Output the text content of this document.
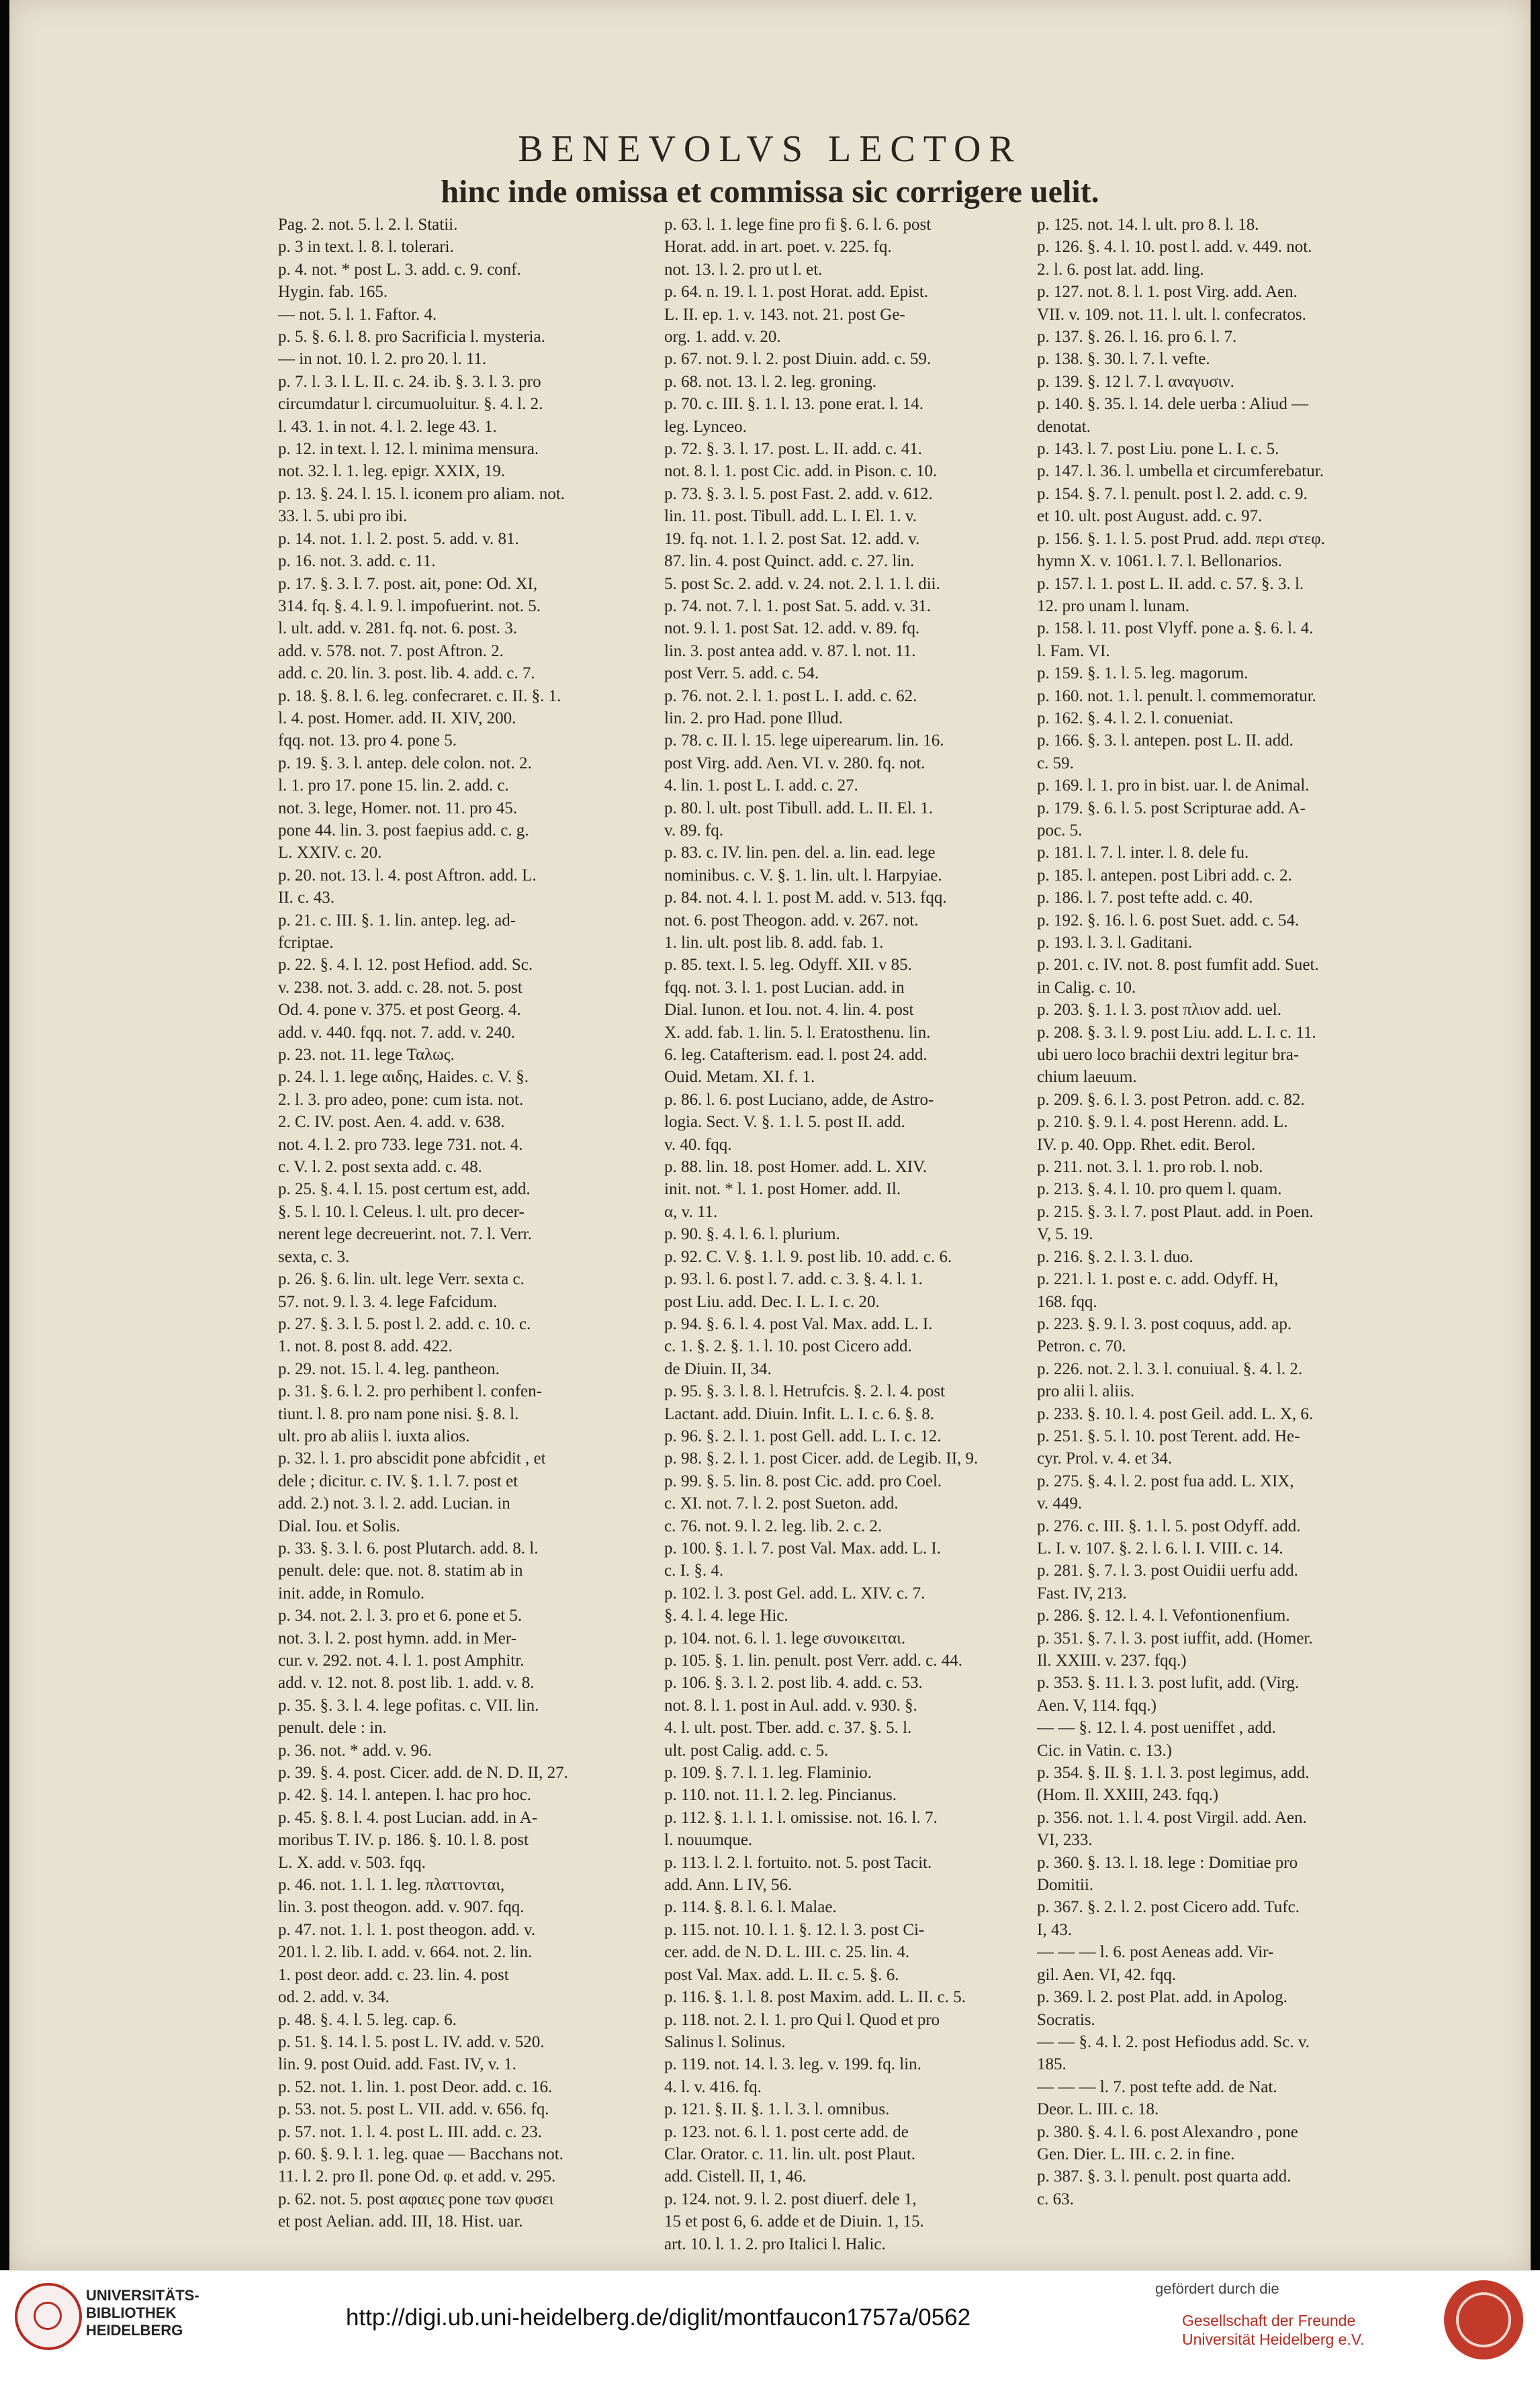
BENEVOLVS LECTOR
hinc inde omissa et commissa sic corrigere uelit.
Pag. 2. not. 5. l. 2. l. Statii.
p. 3 in text. l. 8. l. tolerari.
p. 4. not. * post L. 3. add. c. 9. conf.
Hygin. fab. 165.
— not. 5. l. 1. Faftor. 4.
p. 5. §. 6. l. 8. pro Sacrificia l. mysteria.
— in not. 10. l. 2. pro 20. l. 11.
p. 7. l. 3. l. L. II. c. 24. ib. §. 3. l. 3. pro
circumdatur l. circumuoluitur. §. 4. l. 2.
l. 43. 1. in not. 4. l. 2. lege 43. 1.
p. 12. in text. l. 12. l. minima mensura.
not. 32. l. 1. leg. epigr. XXIX, 19.
p. 13. §. 24. l. 15. l. iconem pro aliam. not.
33. l. 5. ubi pro ibi.
p. 14. not. 1. l. 2. post. 5. add. v. 81.
p. 16. not. 3. add. c. 11.
p. 17. §. 3. l. 7. post. ait, pone: Od. XI,
314. fq. §. 4. l. 9. l. impofuerint. not. 5.
l. ult. add. v. 281. fq. not. 6. post. 3.
add. v. 578. not. 7. post Aftron. 2.
add. c. 20. lin. 3. post. lib. 4. add. c. 7.
p. 18. §. 8. l. 6. leg. confecraret. c. II. §. 1.
l. 4. post. Homer. add. II. XIV, 200.
fqq. not. 13. pro 4. pone 5.
p. 19. §. 3. l. antep. dele colon. not. 2.
l. 1. pro 17. pone 15. lin. 2. add. c.
not. 3. lege, Homer. not. 11. pro 45.
pone 44. lin. 3. post faepius add. c. g.
L. XXIV. c. 20.
p. 20. not. 13. l. 4. post Aftron. add. L.
II. c. 43.
p. 21. c. III. §. 1. lin. antep. leg. ad-
fcriptae.
p. 22. §. 4. l. 12. post Hefiod. add. Sc.
v. 238. not. 3. add. c. 28. not. 5. post
Od. 4. pone v. 375. et post Georg. 4.
add. v. 440. fqq. not. 7. add. v. 240.
p. 23. not. 11. lege Ταλως.
p. 24. l. 1. lege αιδης, Haides. c. V. §.
2. l. 3. pro adeo, pone: cum ista. not.
2. C. IV. post. Aen. 4. add. v. 638.
not. 4. l. 2. pro 733. lege 731. not. 4.
c. V. l. 2. post sexta add. c. 48.
p. 25. §. 4. l. 15. post certum est, add.
§. 5. l. 10. l. Celeus. l. ult. pro decer-
nerent lege decreuerint. not. 7. l. Verr.
sexta, c. 3.
p. 26. §. 6. lin. ult. lege Verr. sexta c.
57. not. 9. l. 3. 4. lege Fafcidum.
p. 27. §. 3. l. 5. post l. 2. add. c. 10. c.
1. not. 8. post 8. add. 422.
p. 29. not. 15. l. 4. leg. pantheon.
p. 31. §. 6. l. 2. pro perhibent l. confen-
tiunt. l. 8. pro nam pone nisi. §. 8. l.
ult. pro ab aliis l. iuxta alios.
p. 32. l. 1. pro abscidit pone abfcidit , et
dele ; dicitur. c. IV. §. 1. l. 7. post et
add. 2.) not. 3. l. 2. add. Lucian. in
Dial. Iou. et Solis.
p. 33. §. 3. l. 6. post Plutarch. add. 8. l.
penult. dele: que. not. 8. statim ab in
init. adde, in Romulo.
p. 34. not. 2. l. 3. pro et 6. pone et 5.
not. 3. l. 2. post hymn. add. in Mer-
cur. v. 292. not. 4. l. 1. post Amphitr.
add. v. 12. not. 8. post lib. 1. add. v. 8.
p. 35. §. 3. l. 4. lege pofitas. c. VII. lin.
penult. dele : in.
p. 36. not. * add. v. 96.
p. 39. §. 4. post. Cicer. add. de N. D. II, 27.
p. 42. §. 14. l. antepen. l. hac pro hoc.
p. 45. §. 8. l. 4. post Lucian. add. in A-
moribus T. IV. p. 186. §. 10. l. 8. post
L. X. add. v. 503. fqq.
p. 46. not. 1. l. 1. leg. πλαττονται,
lin. 3. post theogon. add. v. 907. fqq.
p. 47. not. 1. l. 1. post theogon. add. v.
201. l. 2. lib. I. add. v. 664. not. 2. lin.
1. post deor. add. c. 23. lin. 4. post
od. 2. add. v. 34.
p. 48. §. 4. l. 5. leg. cap. 6.
p. 51. §. 14. l. 5. post L. IV. add. v. 520.
lin. 9. post Ouid. add. Fast. IV, v. 1.
p. 52. not. 1. lin. 1. post Deor. add. c. 16.
p. 53. not. 5. post L. VII. add. v. 656. fq.
p. 57. not. 1. l. 4. post L. III. add. c. 23.
p. 60. §. 9. l. 1. leg. quae — Bacchans not.
11. l. 2. pro Il. pone Od. φ. et add. v. 295.
p. 62. not. 5. post αφαιες pone των φυσει
et post Aelian. add. III, 18. Hist. uar.
p. 63. l. 1. lege fine pro fi §. 6. l. 6. post
Horat. add. in art. poet. v. 225. fq.
not. 13. l. 2. pro ut l. et.
p. 64. n. 19. l. 1. post Horat. add. Epist.
L. II. ep. 1. v. 143. not. 21. post Ge-
org. 1. add. v. 20.
p. 67. not. 9. l. 2. post Diuin. add. c. 59.
p. 68. not. 13. l. 2. leg. groning.
p. 70. c. III. §. 1. l. 13. pone erat. l. 14.
leg. Lynceo.
p. 72. §. 3. l. 17. post. L. II. add. c. 41.
not. 8. l. 1. post Cic. add. in Pison. c. 10.
p. 73. §. 3. l. 5. post Fast. 2. add. v. 612.
lin. 11. post. Tibull. add. L. I. El. 1. v.
19. fq. not. 1. l. 2. post Sat. 12. add. v.
87. lin. 4. post Quinct. add. c. 27. lin.
5. post Sc. 2. add. v. 24. not. 2. l. 1. l. dii.
p. 74. not. 7. l. 1. post Sat. 5. add. v. 31.
not. 9. l. 1. post Sat. 12. add. v. 89. fq.
lin. 3. post antea add. v. 87. l. not. 11.
post Verr. 5. add. c. 54.
p. 76. not. 2. l. 1. post L. I. add. c. 62.
lin. 2. pro Had. pone Illud.
p. 78. c. II. l. 15. lege uiperearum. lin. 16.
post Virg. add. Aen. VI. v. 280. fq. not.
4. lin. 1. post L. I. add. c. 27.
p. 80. l. ult. post Tibull. add. L. II. El. 1.
v. 89. fq.
p. 83. c. IV. lin. pen. del. a. lin. ead. lege
nominibus. c. V. §. 1. lin. ult. l. Harpyiae.
p. 84. not. 4. l. 1. post M. add. v. 513. fqq.
not. 6. post Theogon. add. v. 267. not.
1. lin. ult. post lib. 8. add. fab. 1.
p. 85. text. l. 5. leg. Odyff. XII. v 85.
fqq. not. 3. l. 1. post Lucian. add. in
Dial. Iunon. et Iou. not. 4. lin. 4. post
X. add. fab. 1. lin. 5. l. Eratosthenu. lin.
6. leg. Catafterism. ead. l. post 24. add.
Ouid. Metam. XI. f. 1.
p. 86. l. 6. post Luciano, adde, de Astro-
logia. Sect. V. §. 1. l. 5. post II. add.
v. 40. fqq.
p. 88. lin. 18. post Homer. add. L. XIV.
init. not. * l. 1. post Homer. add. Il.
α, v. 11.
p. 90. §. 4. l. 6. l. plurium.
p. 92. C. V. §. 1. l. 9. post lib. 10. add. c. 6.
p. 93. l. 6. post l. 7. add. c. 3. §. 4. l. 1.
post Liu. add. Dec. I. L. I. c. 20.
p. 94. §. 6. l. 4. post Val. Max. add. L. I.
c. 1. §. 2. §. 1. l. 10. post Cicero add.
de Diuin. II, 34.
p. 95. §. 3. l. 8. l. Hetrufcis. §. 2. l. 4. post
Lactant. add. Diuin. Infit. L. I. c. 6. §. 8.
p. 96. §. 2. l. 1. post Gell. add. L. I. c. 12.
p. 98. §. 2. l. 1. post Cicer. add. de Legib. II, 9.
p. 99. §. 5. lin. 8. post Cic. add. pro Coel.
c. XI. not. 7. l. 2. post Sueton. add.
c. 76. not. 9. l. 2. leg. lib. 2. c. 2.
p. 100. §. 1. l. 7. post Val. Max. add. L. I.
c. I. §. 4.
p. 102. l. 3. post Gel. add. L. XIV. c. 7.
§. 4. l. 4. lege Hic.
p. 104. not. 6. l. 1. lege συνοικειται.
p. 105. §. 1. lin. penult. post Verr. add. c. 44.
p. 106. §. 3. l. 2. post lib. 4. add. c. 53.
not. 8. l. 1. post in Aul. add. v. 930. §.
4. l. ult. post. Tber. add. c. 37. §. 5. l.
ult. post Calig. add. c. 5.
p. 109. §. 7. l. 1. leg. Flaminio.
p. 110. not. 11. l. 2. leg. Pincianus.
p. 112. §. 1. l. 1. l. omissise. not. 16. l. 7.
l. nouumque.
p. 113. l. 2. l. fortuito. not. 5. post Tacit.
add. Ann. L IV, 56.
p. 114. §. 8. l. 6. l. Malae.
p. 115. not. 10. l. 1. §. 12. l. 3. post Ci-
cer. add. de N. D. L. III. c. 25. lin. 4.
post Val. Max. add. L. II. c. 5. §. 6.
p. 116. §. 1. l. 8. post Maxim. add. L. II. c. 5.
p. 118. not. 2. l. 1. pro Qui l. Quod et pro
Salinus l. Solinus.
p. 119. not. 14. l. 3. leg. v. 199. fq. lin.
4. l. v. 416. fq.
p. 121. §. II. §. 1. l. 3. l. omnibus.
p. 123. not. 6. l. 1. post certe add. de
Clar. Orator. c. 11. lin. ult. post Plaut.
add. Cistell. II, 1, 46.
p. 124. not. 9. l. 2. post diuerf. dele 1,
15 et post 6, 6. adde et de Diuin. 1, 15.
art. 10. l. 1. 2. pro Italici l. Halic.
p. 125. not. 14. l. ult. pro 8. l. 18.
p. 126. §. 4. l. 10. post l. add. v. 449. not.
2. l. 6. post lat. add. ling.
p. 127. not. 8. l. 1. post Virg. add. Aen.
VII. v. 109. not. 11. l. ult. l. confecratos.
p. 137. §. 26. l. 16. pro 6. l. 7.
p. 138. §. 30. l. 7. l. vefte.
p. 139. §. 12 l. 7. l. αναγυσιν.
p. 140. §. 35. l. 14. dele uerba : Aliud —
denotat.
p. 143. l. 7. post Liu. pone L. I. c. 5.
p. 147. l. 36. l. umbella et circumferebatur.
p. 154. §. 7. l. penult. post l. 2. add. c. 9.
et 10. ult. post August. add. c. 97.
p. 156. §. 1. l. 5. post Prud. add. περι στεφ.
hymn X. v. 1061. l. 7. l. Bellonarios.
p. 157. l. 1. post L. II. add. c. 57. §. 3. l.
12. pro unam l. lunam.
p. 158. l. 11. post Vlyff. pone a. §. 6. l. 4.
l. Fam. VI.
p. 159. §. 1. l. 5. leg. magorum.
p. 160. not. 1. l. penult. l. commemoratur.
p. 162. §. 4. l. 2. l. conueniat.
p. 166. §. 3. l. antepen. post L. II. add.
c. 59.
p. 169. l. 1. pro in bist. uar. l. de Animal.
p. 179. §. 6. l. 5. post Scripturae add. A-
poc. 5.
p. 181. l. 7. l. inter. l. 8. dele fu.
p. 185. l. antepen. post Libri add. c. 2.
p. 186. l. 7. post tefte add. c. 40.
p. 192. §. 16. l. 6. post Suet. add. c. 54.
p. 193. l. 3. l. Gaditani.
p. 201. c. IV. not. 8. post fumfit add. Suet.
in Calig. c. 10.
p. 203. §. 1. l. 3. post πλιον add. uel.
p. 208. §. 3. l. 9. post Liu. add. L. I. c. 11.
ubi uero loco brachii dextri legitur bra-
chium laeuum.
p. 209. §. 6. l. 3. post Petron. add. c. 82.
p. 210. §. 9. l. 4. post Herenn. add. L.
IV. p. 40. Opp. Rhet. edit. Berol.
p. 211. not. 3. l. 1. pro rob. l. nob.
p. 213. §. 4. l. 10. pro quem l. quam.
p. 215. §. 3. l. 7. post Plaut. add. in Poen.
V, 5. 19.
p. 216. §. 2. l. 3. l. duo.
p. 221. l. 1. post e. c. add. Odyff. H,
168. fqq.
p. 223. §. 9. l. 3. post coquus, add. ap.
Petron. c. 70.
p. 226. not. 2. l. 3. l. conuiual. §. 4. l. 2.
pro alii l. aliis.
p. 233. §. 10. l. 4. post Geil. add. L. X, 6.
p. 251. §. 5. l. 10. post Terent. add. He-
cyr. Prol. v. 4. et 34.
p. 275. §. 4. l. 2. post fua add. L. XIX,
v. 449.
p. 276. c. III. §. 1. l. 5. post Odyff. add.
L. I. v. 107. §. 2. l. 6. l. I. VIII. c. 14.
p. 281. §. 7. l. 3. post Ouidii uerfu add.
Fast. IV, 213.
p. 286. §. 12. l. 4. l. Vefontionenfium.
p. 351. §. 7. l. 3. post iuffit, add. (Homer.
Il. XXIII. v. 237. fqq.)
p. 353. §. 11. l. 3. post lufit, add. (Virg.
Aen. V, 114. fqq.)
— — §. 12. l. 4. post ueniffet , add.
Cic. in Vatin. c. 13.)
p. 354. §. II. §. 1. l. 3. post legimus, add.
(Hom. Il. XXIII, 243. fqq.)
p. 356. not. 1. l. 4. post Virgil. add. Aen.
VI, 233.
p. 360. §. 13. l. 18. lege : Domitiae pro
Domitii.
p. 367. §. 2. l. 2. post Cicero add. Tufc.
I, 43.
— — — l. 6. post Aeneas add. Vir-
gil. Aen. VI, 42. fqq.
p. 369. l. 2. post Plat. add. in Apolog.
Socratis.
— — §. 4. l. 2. post Hefiodus add. Sc. v.
185.
— — — l. 7. post tefte add. de Nat.
Deor. L. III. c. 18.
p. 380. §. 4. l. 6. post Alexandro , pone
Gen. Dier. L. III. c. 2. in fine.
p. 387. §. 3. l. penult. post quarta add.
c. 63.
UNIVERSITÄTS-
BIBLIOTHEK
HEIDELBERG	http://digi.ub.uni-heidelberg.de/diglit/montfaucon1757a/0562
gefördert durch die
Gesellschaft der Freunde
Universität Heidelberg e.V.
